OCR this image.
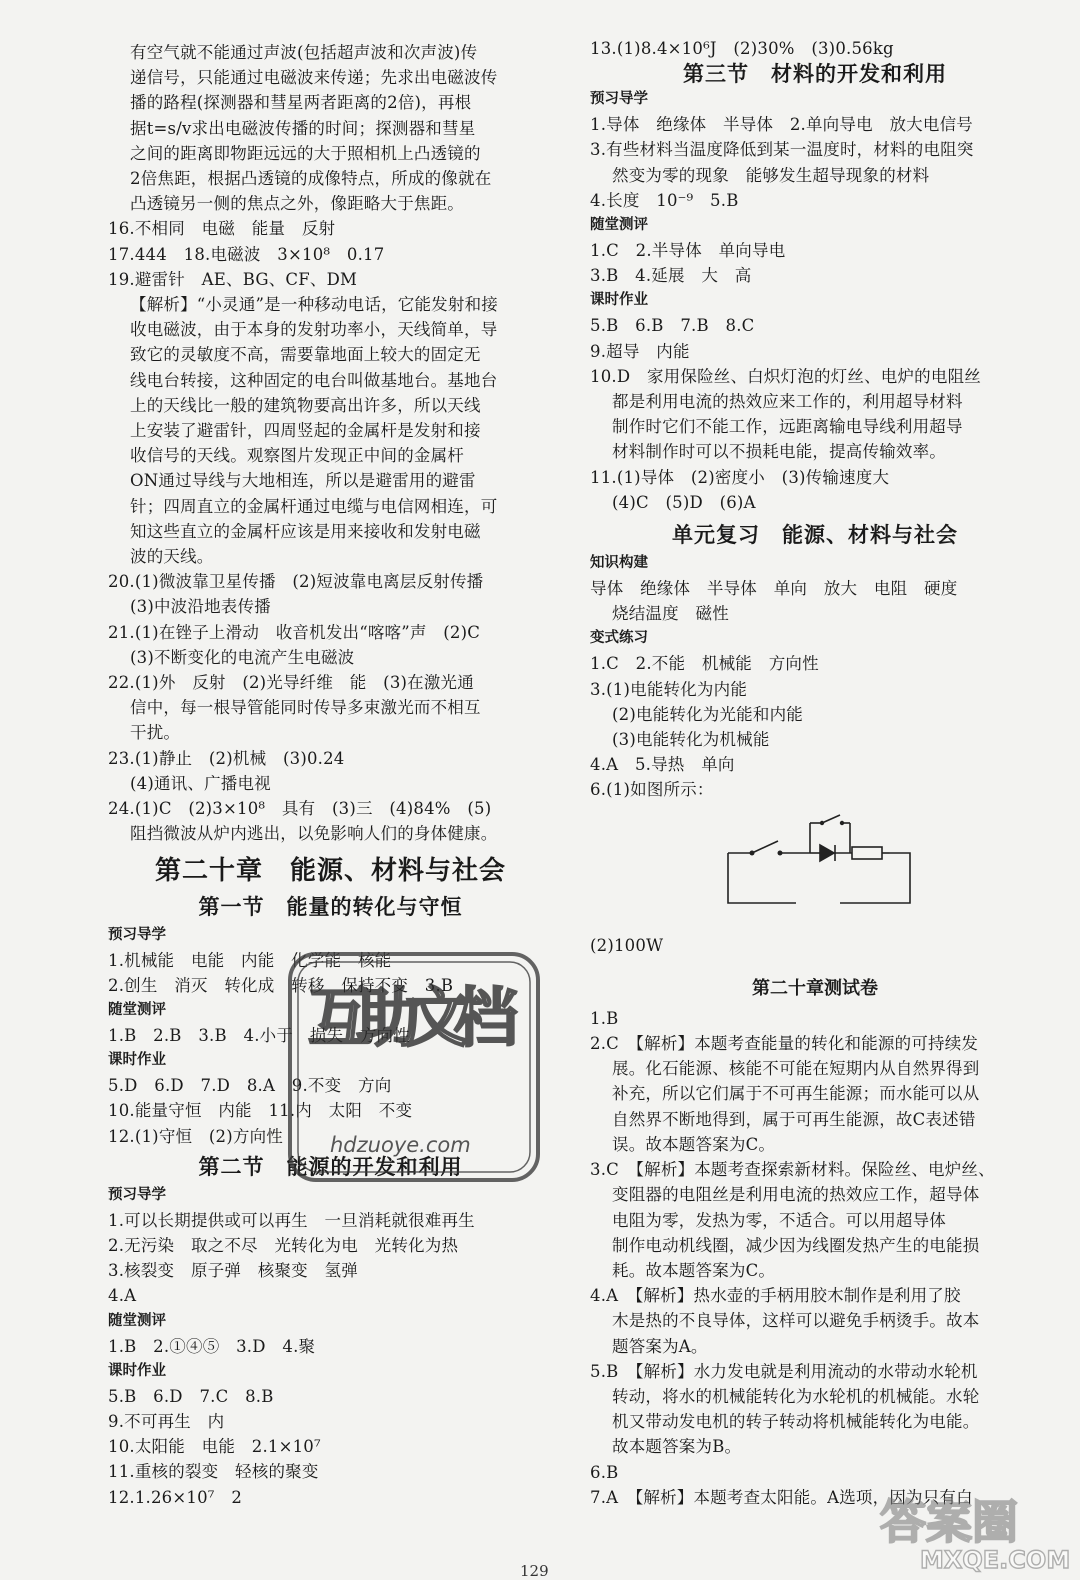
有空气就不能通过声波(包括超声波和次声波)传
递信号，只能通过电磁波来传递；先求出电磁波传
播的路程(探测器和彗星两者距离的2倍)，再根
据t=s/v求出电磁波传播的时间；探测器和彗星
之间的距离即物距远远的大于照相机上凸透镜的
2倍焦距，根据凸透镜的成像特点，所成的像就在
凸透镜另一侧的焦点之外，像距略大于焦距。
16.不相同　电磁　能量　反射
17.444　18.电磁波　3×10⁸　0.17
19.避雷针　AE、BG、CF、DM
【解析】“小灵通”是一种移动电话，它能发射和接
收电磁波，由于本身的发射功率小，天线简单，导
致它的灵敏度不高，需要靠地面上较大的固定无
线电台转接，这种固定的电台叫做基地台。基地台
上的天线比一般的建筑物要高出许多，所以天线
上安装了避雷针，四周竖起的金属杆是发射和接
收信号的天线。观察图片发现正中间的金属杆
ON通过导线与大地相连，所以是避雷用的避雷
针；四周直立的金属杆通过电缆与电信网相连，可
知这些直立的金属杆应该是用来接收和发射电磁
波的天线。
20.(1)微波靠卫星传播　(2)短波靠电离层反射传播
(3)中波沿地表传播
21.(1)在锉子上滑动　收音机发出“喀喀”声　(2)C
(3)不断变化的电流产生电磁波
22.(1)外　反射　(2)光导纤维　能　(3)在激光通
信中，每一根导管能同时传导多束激光而不相互
干扰。
23.(1)静止　(2)机械　(3)0.24
(4)通讯、广播电视
24.(1)C　(2)3×10⁸　具有　(3)三　(4)84%　(5)
阻挡微波从炉内逃出，以免影响人们的身体健康。
第二十章　能源、材料与社会
第一节　能量的转化与守恒
预习导学
1.机械能　电能　内能　化学能　核能
2.创生　消灭　转化成　转移　保持不变　3.B
随堂测评
1.B　2.B　3.B　4.小于　损失　方向性
课时作业
5.D　6.D　7.D　8.A　9.不变　方向
10.能量守恒　内能　11.内　太阳　不变
12.(1)守恒　(2)方向性
第二节　能源的开发和利用
预习导学
1.可以长期提供或可以再生　一旦消耗就很难再生
2.无污染　取之不尽　光转化为电　光转化为热
3.核裂变　原子弹　核聚变　氢弹
4.A
随堂测评
1.B　2.①④⑤　3.D　4.聚
课时作业
5.B　6.D　7.C　8.B
9.不可再生　内
10.太阳能　电能　2.1×10⁷
11.重核的裂变　轻核的聚变
12.1.26×10⁷　2
13.(1)8.4×10⁶J　(2)30%　(3)0.56kg
第三节　材料的开发和利用
预习导学
1.导体　绝缘体　半导体　2.单向导电　放大电信号
3.有些材料当温度降低到某一温度时，材料的电阻突
然变为零的现象　能够发生超导现象的材料
4.长度　10⁻⁹　5.B
随堂测评
1.C　2.半导体　单向导电
3.B　4.延展　大　高
课时作业
5.B　6.B　7.B　8.C
9.超导　内能
10.D　家用保险丝、白炽灯泡的灯丝、电炉的电阻丝
都是利用电流的热效应来工作的，利用超导材料
制作时它们不能工作，远距离输电导线利用超导
材料制作时可以不损耗电能，提高传输效率。
11.(1)导体　(2)密度小　(3)传输速度大
(4)C　(5)D　(6)A
单元复习　能源、材料与社会
知识构建
导体　绝缘体　半导体　单向　放大　电阻　硬度
烧结温度　磁性
变式练习
1.C　2.不能　机械能　方向性
3.(1)电能转化为内能
(2)电能转化为光能和内能
(3)电能转化为机械能
4.A　5.导热　单向
6.(1)如图所示：
(2)100W
第二十章测试卷
1.B
2.C　【解析】本题考查能量的转化和能源的可持续发
展。化石能源、核能不可能在短期内从自然界得到
补充，所以它们属于不可再生能源；而水能可以从
自然界不断地得到，属于可再生能源，故C表述错
误。故本题答案为C。
3.C　【解析】本题考查探索新材料。保险丝、电炉丝、
变阻器的电阻丝是利用电流的热效应工作，超导体
电阻为零，发热为零，不适合。可以用超导体
制作电动机线圈，减少因为线圈发热产生的电能损
耗。故本题答案为C。
4.A　【解析】热水壶的手柄用胶木制作是利用了胶
木是热的不良导体，这样可以避免手柄烫手。故本
题答案为A。
5.B　【解析】水力发电就是利用流动的水带动水轮机
转动，将水的机械能转化为水轮机的机械能。水轮
机又带动发电机的转子转动将机械能转化为电能。
故本题答案为B。
6.B
7.A　【解析】本题考查太阳能。A选项，因为只有白
互助文档
hdzuoye.com
答案圈
MXQE.COM
129
